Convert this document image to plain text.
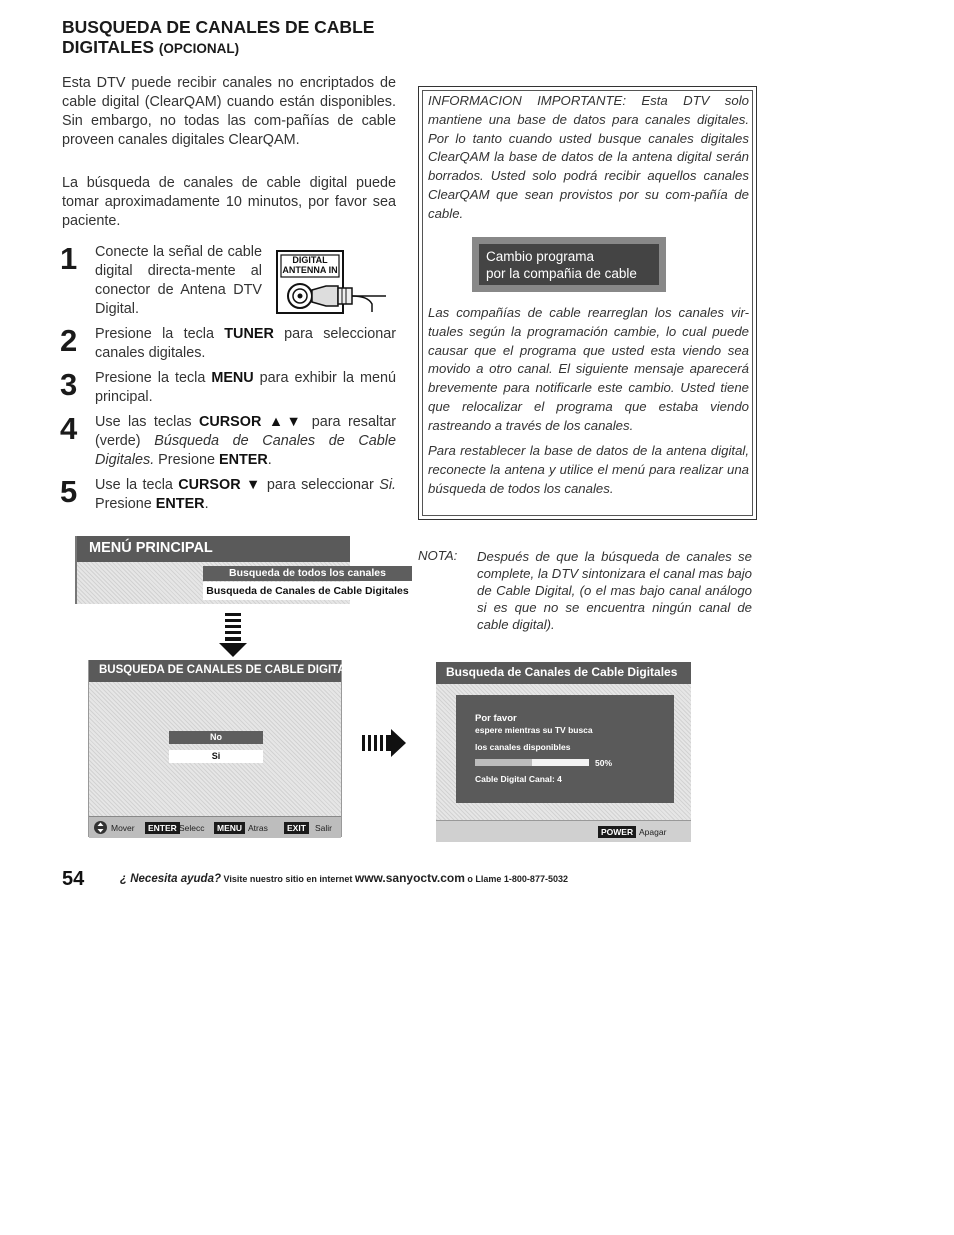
BUSQUEDA DE CANALES DE CABLE
DIGITALES (OPCIONAL)

Esta DTV puede recibir canales no encriptados de cable digital (ClearQAM) cuando están disponibles. Sin embargo, no todas las com-pañías de cable proveen canales digitales ClearQAM.

La búsqueda de canales de cable digital puede tomar aproximadamente 10 minutos, por favor sea paciente.

1 Conecte la señal de cable digital directa-mente al conector de Antena DTV Digital.
DIGITAL ANTENNA IN
2 Presione la tecla TUNER para seleccionar canales digitales.
3 Presione la tecla MENU para exhibir la menú principal.
4 Use las teclas CURSOR ▲▼ para resaltar (verde) Búsqueda de Canales de Cable Digitales. Presione ENTER.
5 Use la tecla CURSOR ▼ para seleccionar Si. Presione ENTER.
INFORMACION IMPORTANTE: Esta DTV solo mantiene una base de datos para canales digitales. Por lo tanto cuando usted busque canales digitales ClearQAM la base de datos de la antena digital serán borrados. Usted solo podrá recibir aquellos canales ClearQAM que sean provistos por su com-pañía de cable.
Cambio programa
por la compañia de cable
Las compañías de cable rearreglan los canales vir-tuales según la programación cambie, lo cual puede causar que el programa que usted esta viendo sea movido a otro canal. El siguiente mensaje aparecerá brevemente para notificarle este cambio. Usted tiene que relocalizar el programa que estaba viendo rastreando a través de los canales.
Para restablecer la base de datos de la antena digital, reconecte la antena y utilice el menú para realizar una búsqueda de todos los canales.
NOTA: Después de que la búsqueda de canales se complete, la DTV sintonizara el canal mas bajo de Cable Digital, (o el mas bajo canal análogo si es que no se encuentra ningún canal de cable digital).
MENÚ PRINCIPAL
Busqueda de todos los canales
Busqueda de Canales de Cable Digitales
BUSQUEDA DE CANALES DE CABLE DIGITALES
No
Si
Mover	ENTER Selecc	MENU Atras	EXIT	Salir
Busqueda de Canales de Cable Digitales
Por favor
espere mientras su TV busca
los canales disponibles
50%
Cable Digital Canal: 4
POWER Apagar
54	¿ Necesita ayuda? Visite nuestro sitio en internet www.sanyoctv.com o Llame 1-800-877-5032
